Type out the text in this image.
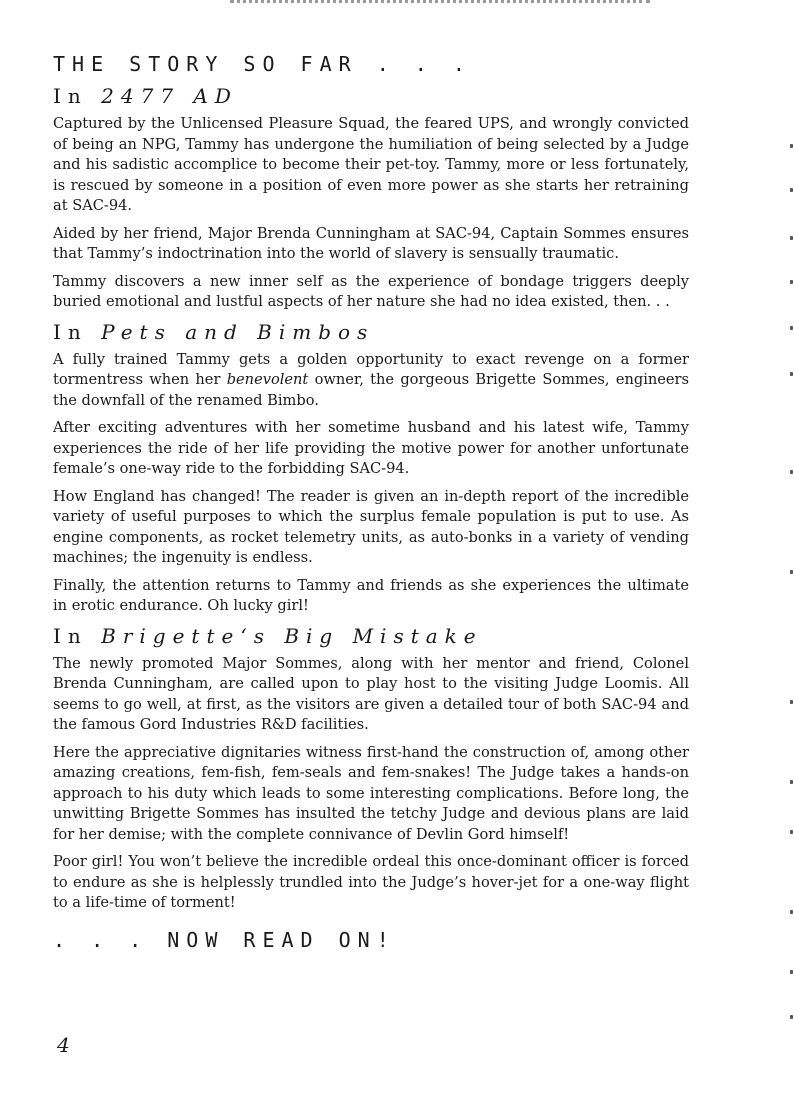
THE STORY SO FAR . . .
In 2477 AD

Captured by the Unlicensed Pleasure Squad, the feared UPS, and wrongly convicted of being an NPG, Tammy has undergone the humiliation of being selected by a Judge and his sadistic accomplice to become their pet-toy. Tammy, more or less fortunately, is rescued by someone in a position of even more power as she starts her retraining at SAC-94.

Aided by her friend, Major Brenda Cunningham at SAC-94, Captain Sommes ensures that Tammy’s indoctrination into the world of slavery is sensually traumatic.

Tammy discovers a new inner self as the experience of bondage triggers deeply buried emotional and lustful aspects of her nature she had no idea existed, then. . .

In Pets and Bimbos

A fully trained Tammy gets a golden opportunity to exact revenge on a former tormentress when her benevolent owner, the gorgeous Brigette Sommes, engineers the downfall of the renamed Bimbo.

After exciting adventures with her sometime husband and his latest wife, Tammy experiences the ride of her life providing the motive power for another unfortunate female’s one-way ride to the forbidding SAC-94.

How England has changed! The reader is given an in-depth report of the incredible variety of useful purposes to which the surplus female population is put to use. As engine components, as rocket telemetry units, as auto-bonks in a variety of vending machines; the ingenuity is endless.

Finally, the attention returns to Tammy and friends as she experiences the ultimate in erotic endurance. Oh lucky girl!

In Brigette‘s Big Mistake

The newly promoted Major Sommes, along with her mentor and friend, Colonel Brenda Cunningham, are called upon to play host to the visiting Judge Loomis. All seems to go well, at first, as the visitors are given a detailed tour of both SAC-94 and the famous Gord Industries R&D facilities.

Here the appreciative dignitaries witness first-hand the construction of, among other amazing creations, fem-fish, fem-seals and fem-snakes! The Judge takes a hands-on approach to his duty which leads to some interesting complications. Before long, the unwitting Brigette Sommes has insulted the tetchy Judge and devious plans are laid for her demise; with the complete connivance of Devlin Gord himself!

Poor girl! You won’t believe the incredible ordeal this once-dominant officer is forced to endure as she is helplessly trundled into the Judge’s hover-jet for a one-way flight to a life-time of torment!

. . . NOW READ ON!
4
